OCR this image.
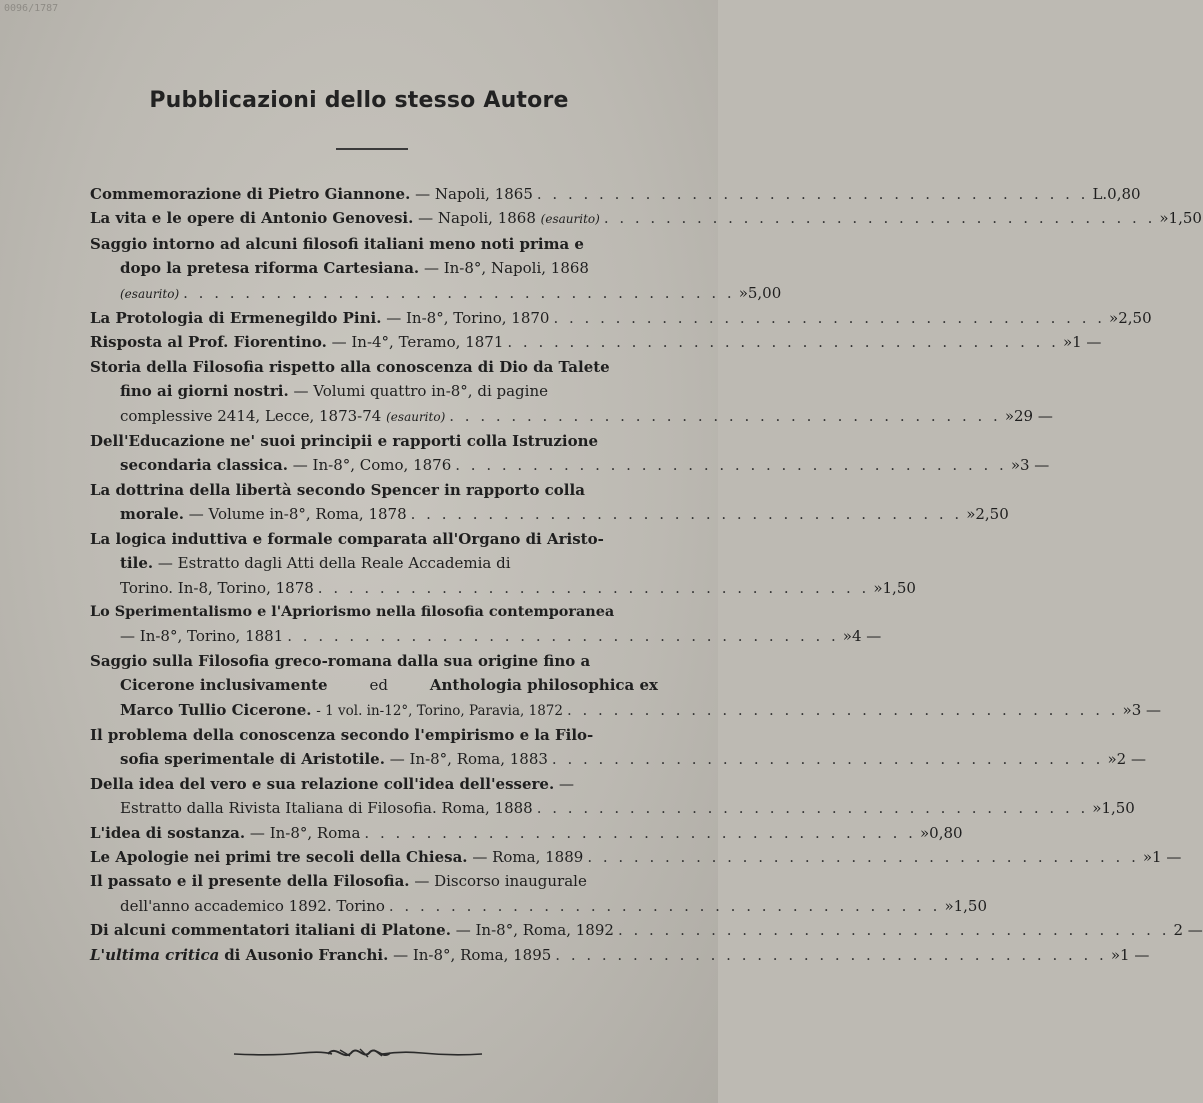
0096/1787
Pubblicazioni dello stesso Autore
Commemorazione di Pietro Giannone.
— Napoli, 1865 . . . . . . . . . . . . . . . . . . . . . . . . . . . . . . . . . . . . L. 0,80
La vita e le opere di Antonio Genovesi.
— Napoli, 1868
(esaurito) . . . . . . . . . . . . . . . . . . . . . . . . . . . . . . . . . . . . » 1,50
Saggio intorno ad alcuni filosofi italiani meno noti prima e
dopo la pretesa riforma Cartesiana.
— In-8°, Napoli, 1868
(esaurito) . . . . . . . . . . . . . . . . . . . . . . . . . . . . . . . . . . . . » 5,00
La Protologia di Ermenegildo Pini.
— In-8°, Torino, 1870 . . . . . . . . . . . . . . . . . . . . . . . . . . . . . . . . . . . . » 2,50
Risposta al Prof. Fiorentino.
— In-4°, Teramo, 1871 . . . . . . . . . . . . . . . . . . . . . . . . . . . . . . . . . . . . » 1 —
Storia della Filosofia rispetto alla conoscenza di Dio da Talete
fino ai giorni nostri.
— Volumi quattro in-8°, di pagine
complessive 2414, Lecce, 1873-74
(esaurito) . . . . . . . . . . . . . . . . . . . . . . . . . . . . . . . . . . . . » 29 —
Dell'Educazione ne' suoi principii e rapporti colla Istruzione
secondaria classica.
— In-8°, Como, 1876 . . . . . . . . . . . . . . . . . . . . . . . . . . . . . . . . . . . . » 3 —
La dottrina della libertà secondo Spencer in rapporto colla
morale.
— Volume in-8°, Roma, 1878 . . . . . . . . . . . . . . . . . . . . . . . . . . . . . . . . . . . . » 2,50
La logica induttiva e formale comparata all'Organo di Aristo-
tile.
— Estratto dagli Atti della Reale Accademia di
Torino. In-8, Torino, 1878 . . . . . . . . . . . . . . . . . . . . . . . . . . . . . . . . . . . . » 1,50
Lo Sperimentalismo e l'Apriorismo nella filosofia contemporanea
— In-8°, Torino, 1881 . . . . . . . . . . . . . . . . . . . . . . . . . . . . . . . . . . . . » 4 —
Saggio sulla Filosofia greco-romana dalla sua origine fino a
Cicerone inclusivamente	ed	Anthologia philosophica ex
Marco Tullio Cicerone.
- 1 vol. in-12°, Torino, Paravia, 1872 . . . . . . . . . . . . . . . . . . . . . . . . . . . . . . . . . . . . » 3 —
Il problema della conoscenza secondo l'empirismo e la Filo-
sofia sperimentale di Aristotile.
— In-8°, Roma, 1883 . . . . . . . . . . . . . . . . . . . . . . . . . . . . . . . . . . . . » 2 —
Della idea del vero e sua relazione coll'idea dell'essere.
—
Estratto dalla Rivista Italiana di Filosofia. Roma, 1888 . . . . . . . . . . . . . . . . . . . . . . . . . . . . . . . . . . . . » 1,50
L'idea di sostanza.
— In-8°, Roma . . . . . . . . . . . . . . . . . . . . . . . . . . . . . . . . . . . . » 0,80
Le Apologie nei primi tre secoli della Chiesa.
— Roma, 1889 . . . . . . . . . . . . . . . . . . . . . . . . . . . . . . . . . . . . » 1 —
Il passato e il presente della Filosofia.
— Discorso inaugurale
dell'anno accademico 1892. Torino . . . . . . . . . . . . . . . . . . . . . . . . . . . . . . . . . . . . » 1,50
Di alcuni commentatori italiani di Platone.
— In-8°, Roma, 1892 . . . . . . . . . . . . . . . . . . . . . . . . . . . . . . . . . . . . 2 —
L'ultima critica
di Ausonio Franchi.
— In-8°, Roma, 1895 . . . . . . . . . . . . . . . . . . . . . . . . . . . . . . . . . . . . » 1 —
